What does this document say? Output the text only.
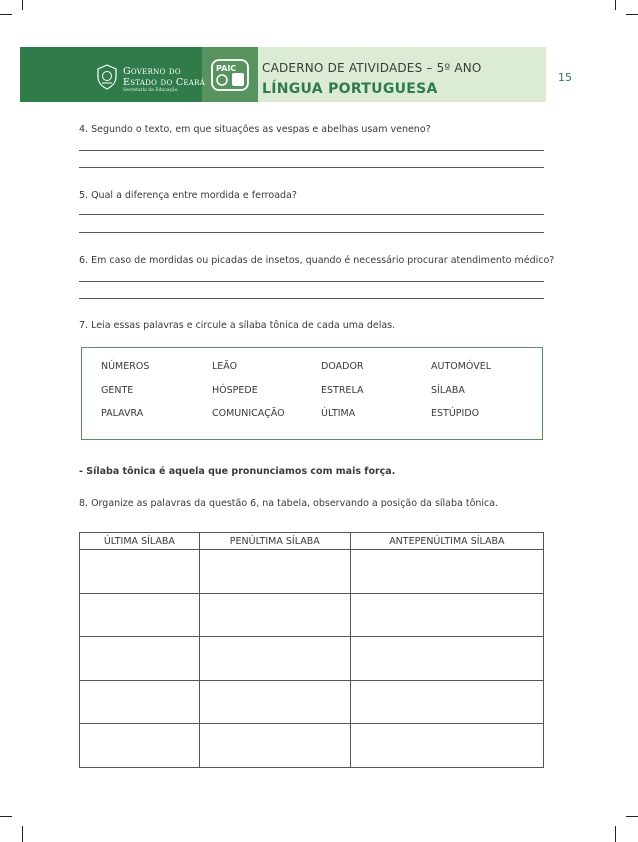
Governo do
Estado do Ceará
Secretaria da Educação
PAIC CADERNO DE ATIVIDADES – 5º ANO
LÍNGUA PORTUGUESA
15
4. Segundo o texto, em que situações as vespas e abelhas usam veneno?
5. Qual a diferença entre mordida e ferroada?
6. Em caso de mordidas ou picadas de insetos, quando é necessário procurar atendimento médico?
7. Leia essas palavras e circule a sílaba tônica de cada uma delas.
NÚMEROS	LEÃO	DOADOR	AUTOMÓVEL
GENTE	HÓSPEDE	ESTRELA	SÍLABA
PALAVRA	COMUNICAÇÃO	ÚLTIMA	ESTÚPIDO
- Sílaba tônica é aquela que pronunciamos com mais força.
8. Organize as palavras da questão 6, na tabela, observando a posição da sílaba tônica.
ÚLTIMA SÍLABA	PENÚLTIMA SÍLABA	ANTEPENÚLTIMA SÍLABA
